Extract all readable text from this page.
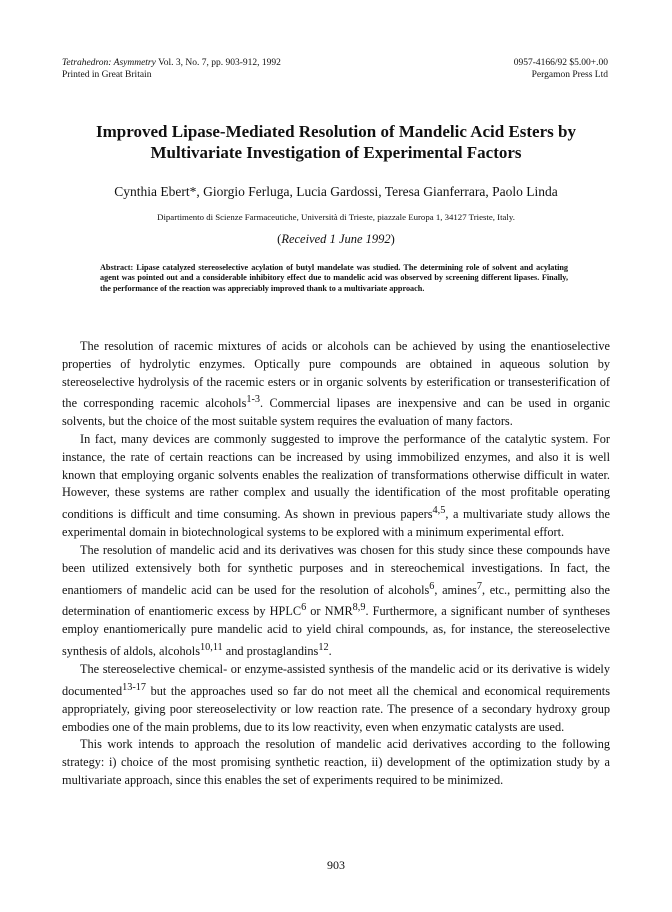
Tetrahedron: Asymmetry Vol. 3, No. 7, pp. 903-912, 1992
Printed in Great Britain
0957-4166/92 $5.00+.00
Pergamon Press Ltd
Improved Lipase-Mediated Resolution of Mandelic Acid Esters by Multivariate Investigation of Experimental Factors
Cynthia Ebert*, Giorgio Ferluga, Lucia Gardossi, Teresa Gianferrara, Paolo Linda
Dipartimento di Scienze Farmaceutiche, Università di Trieste, piazzale Europa 1, 34127 Trieste, Italy.
(Received 1 June 1992)
Abstract: Lipase catalyzed stereoselective acylation of butyl mandelate was studied. The determining role of solvent and acylating agent was pointed out and a considerable inhibitory effect due to mandelic acid was observed by screening different lipases. Finally, the performance of the reaction was appreciably improved thank to a multivariate approach.

The resolution of racemic mixtures of acids or alcohols can be achieved by using the enantioselective properties of hydrolytic enzymes. Optically pure compounds are obtained in aqueous solution by stereoselective hydrolysis of the racemic esters or in organic solvents by esterification or transesterification of the corresponding racemic alcohols$^{1-3}$. Commercial lipases are inexpensive and can be used in organic solvents, but the choice of the most suitable system requires the evaluation of many factors.

In fact, many devices are commonly suggested to improve the performance of the catalytic system. For instance, the rate of certain reactions can be increased by using immobilized enzymes, and also it is well known that employing organic solvents enables the realization of transformations otherwise difficult in water. However, these systems are rather complex and usually the identification of the most profitable operating conditions is difficult and time consuming. As shown in previous papers$^{4,5}$, a multivariate study allows the experimental domain in biotechnological systems to be explored with a minimum experimental effort.

The resolution of mandelic acid and its derivatives was chosen for this study since these compounds have been utilized extensively both for synthetic purposes and in stereochemical investigations. In fact, the enantiomers of mandelic acid can be used for the resolution of alcohols$^6$, amines$^7$, etc., permitting also the determination of enantiomeric excess by HPLC$^6$ or NMR$^{8,9}$. Furthermore, a significant number of syntheses employ enantiomerically pure mandelic acid to yield chiral compounds, as, for instance, the stereoselective synthesis of aldols, alcohols$^{10,11}$ and prostaglandins$^{12}$.

The stereoselective chemical- or enzyme-assisted synthesis of the mandelic acid or its derivative is widely documented$^{13-17}$ but the approaches used so far do not meet all the chemical and economical requirements appropriately, giving poor stereoselectivity or low reaction rate. The presence of a secondary hydroxy group embodies one of the main problems, due to its low reactivity, even when enzymatic catalysts are used.

This work intends to approach the resolution of mandelic acid derivatives according to the following strategy: i) choice of the most promising synthetic reaction, ii) development of the optimization study by a multivariate approach, since this enables the set of experiments required to be minimized.

903
